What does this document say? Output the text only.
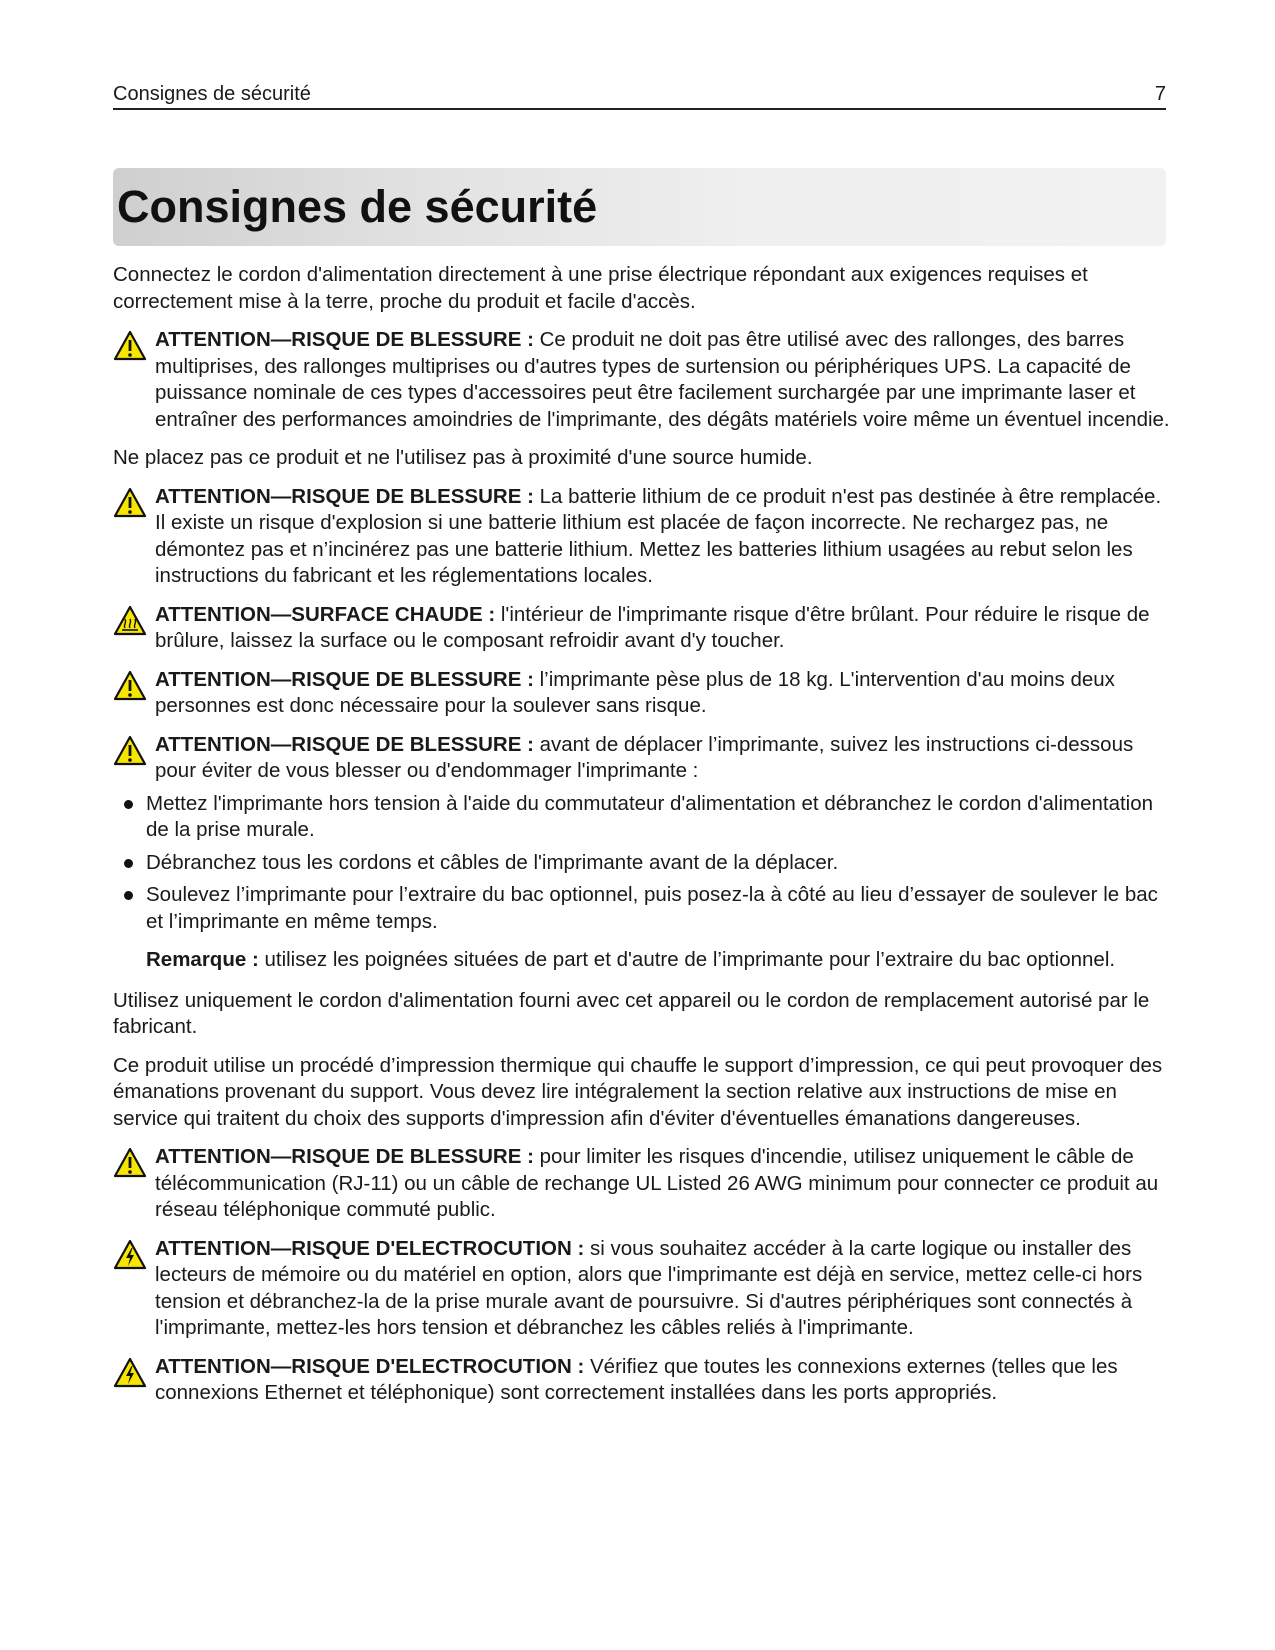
Consignes de sécurité	7
Consignes de sécurité

Connectez le cordon d'alimentation directement à une prise électrique répondant aux exigences requises et correctement mise à la terre, proche du produit et facile d'accès.

ATTENTION—RISQUE DE BLESSURE : Ce produit ne doit pas être utilisé avec des rallonges, des barres multiprises, des rallonges multiprises ou d'autres types de surtension ou périphériques UPS. La capacité de puissance nominale de ces types d'accessoires peut être facilement surchargée par une imprimante laser et entraîner des performances amoindries de l'imprimante, des dégâts matériels voire même un éventuel incendie.

Ne placez pas ce produit et ne l'utilisez pas à proximité d'une source humide.

ATTENTION—RISQUE DE BLESSURE : La batterie lithium de ce produit n'est pas destinée à être remplacée. Il existe un risque d'explosion si une batterie lithium est placée de façon incorrecte. Ne rechargez pas, ne démontez pas et n’incinérez pas une batterie lithium. Mettez les batteries lithium usagées au rebut selon les instructions du fabricant et les réglementations locales.
ATTENTION—SURFACE CHAUDE : l'intérieur de l'imprimante risque d'être brûlant. Pour réduire le risque de brûlure, laissez la surface ou le composant refroidir avant d'y toucher.
ATTENTION—RISQUE DE BLESSURE : l’imprimante pèse plus de 18 kg. L'intervention d'au moins deux personnes est donc nécessaire pour la soulever sans risque.
ATTENTION—RISQUE DE BLESSURE : avant de déplacer l’imprimante, suivez les instructions ci-dessous pour éviter de vous blesser ou d'endommager l'imprimante :
Mettez l'imprimante hors tension à l'aide du commutateur d'alimentation et débranchez le cordon d'alimentation de la prise murale.
Débranchez tous les cordons et câbles de l'imprimante avant de la déplacer.
Soulevez l’imprimante pour l’extraire du bac optionnel, puis posez-la à côté au lieu d’essayer de soulever le bac et l’imprimante en même temps.

Remarque : utilisez les poignées situées de part et d'autre de l’imprimante pour l’extraire du bac optionnel.

Utilisez uniquement le cordon d'alimentation fourni avec cet appareil ou le cordon de remplacement autorisé par le fabricant.

Ce produit utilise un procédé d’impression thermique qui chauffe le support d’impression, ce qui peut provoquer des émanations provenant du support. Vous devez lire intégralement la section relative aux instructions de mise en service qui traitent du choix des supports d'impression afin d'éviter d'éventuelles émanations dangereuses.

ATTENTION—RISQUE DE BLESSURE : pour limiter les risques d'incendie, utilisez uniquement le câble de télécommunication (RJ-11) ou un câble de rechange UL Listed 26 AWG minimum pour connecter ce produit au réseau téléphonique commuté public.
ATTENTION—RISQUE D'ELECTROCUTION : si vous souhaitez accéder à la carte logique ou installer des lecteurs de mémoire ou du matériel en option, alors que l'imprimante est déjà en service, mettez celle-ci hors tension et débranchez-la de la prise murale avant de poursuivre. Si d'autres périphériques sont connectés à l'imprimante, mettez-les hors tension et débranchez les câbles reliés à l'imprimante.
ATTENTION—RISQUE D'ELECTROCUTION : Vérifiez que toutes les connexions externes (telles que les connexions Ethernet et téléphonique) sont correctement installées dans les ports appropriés.
